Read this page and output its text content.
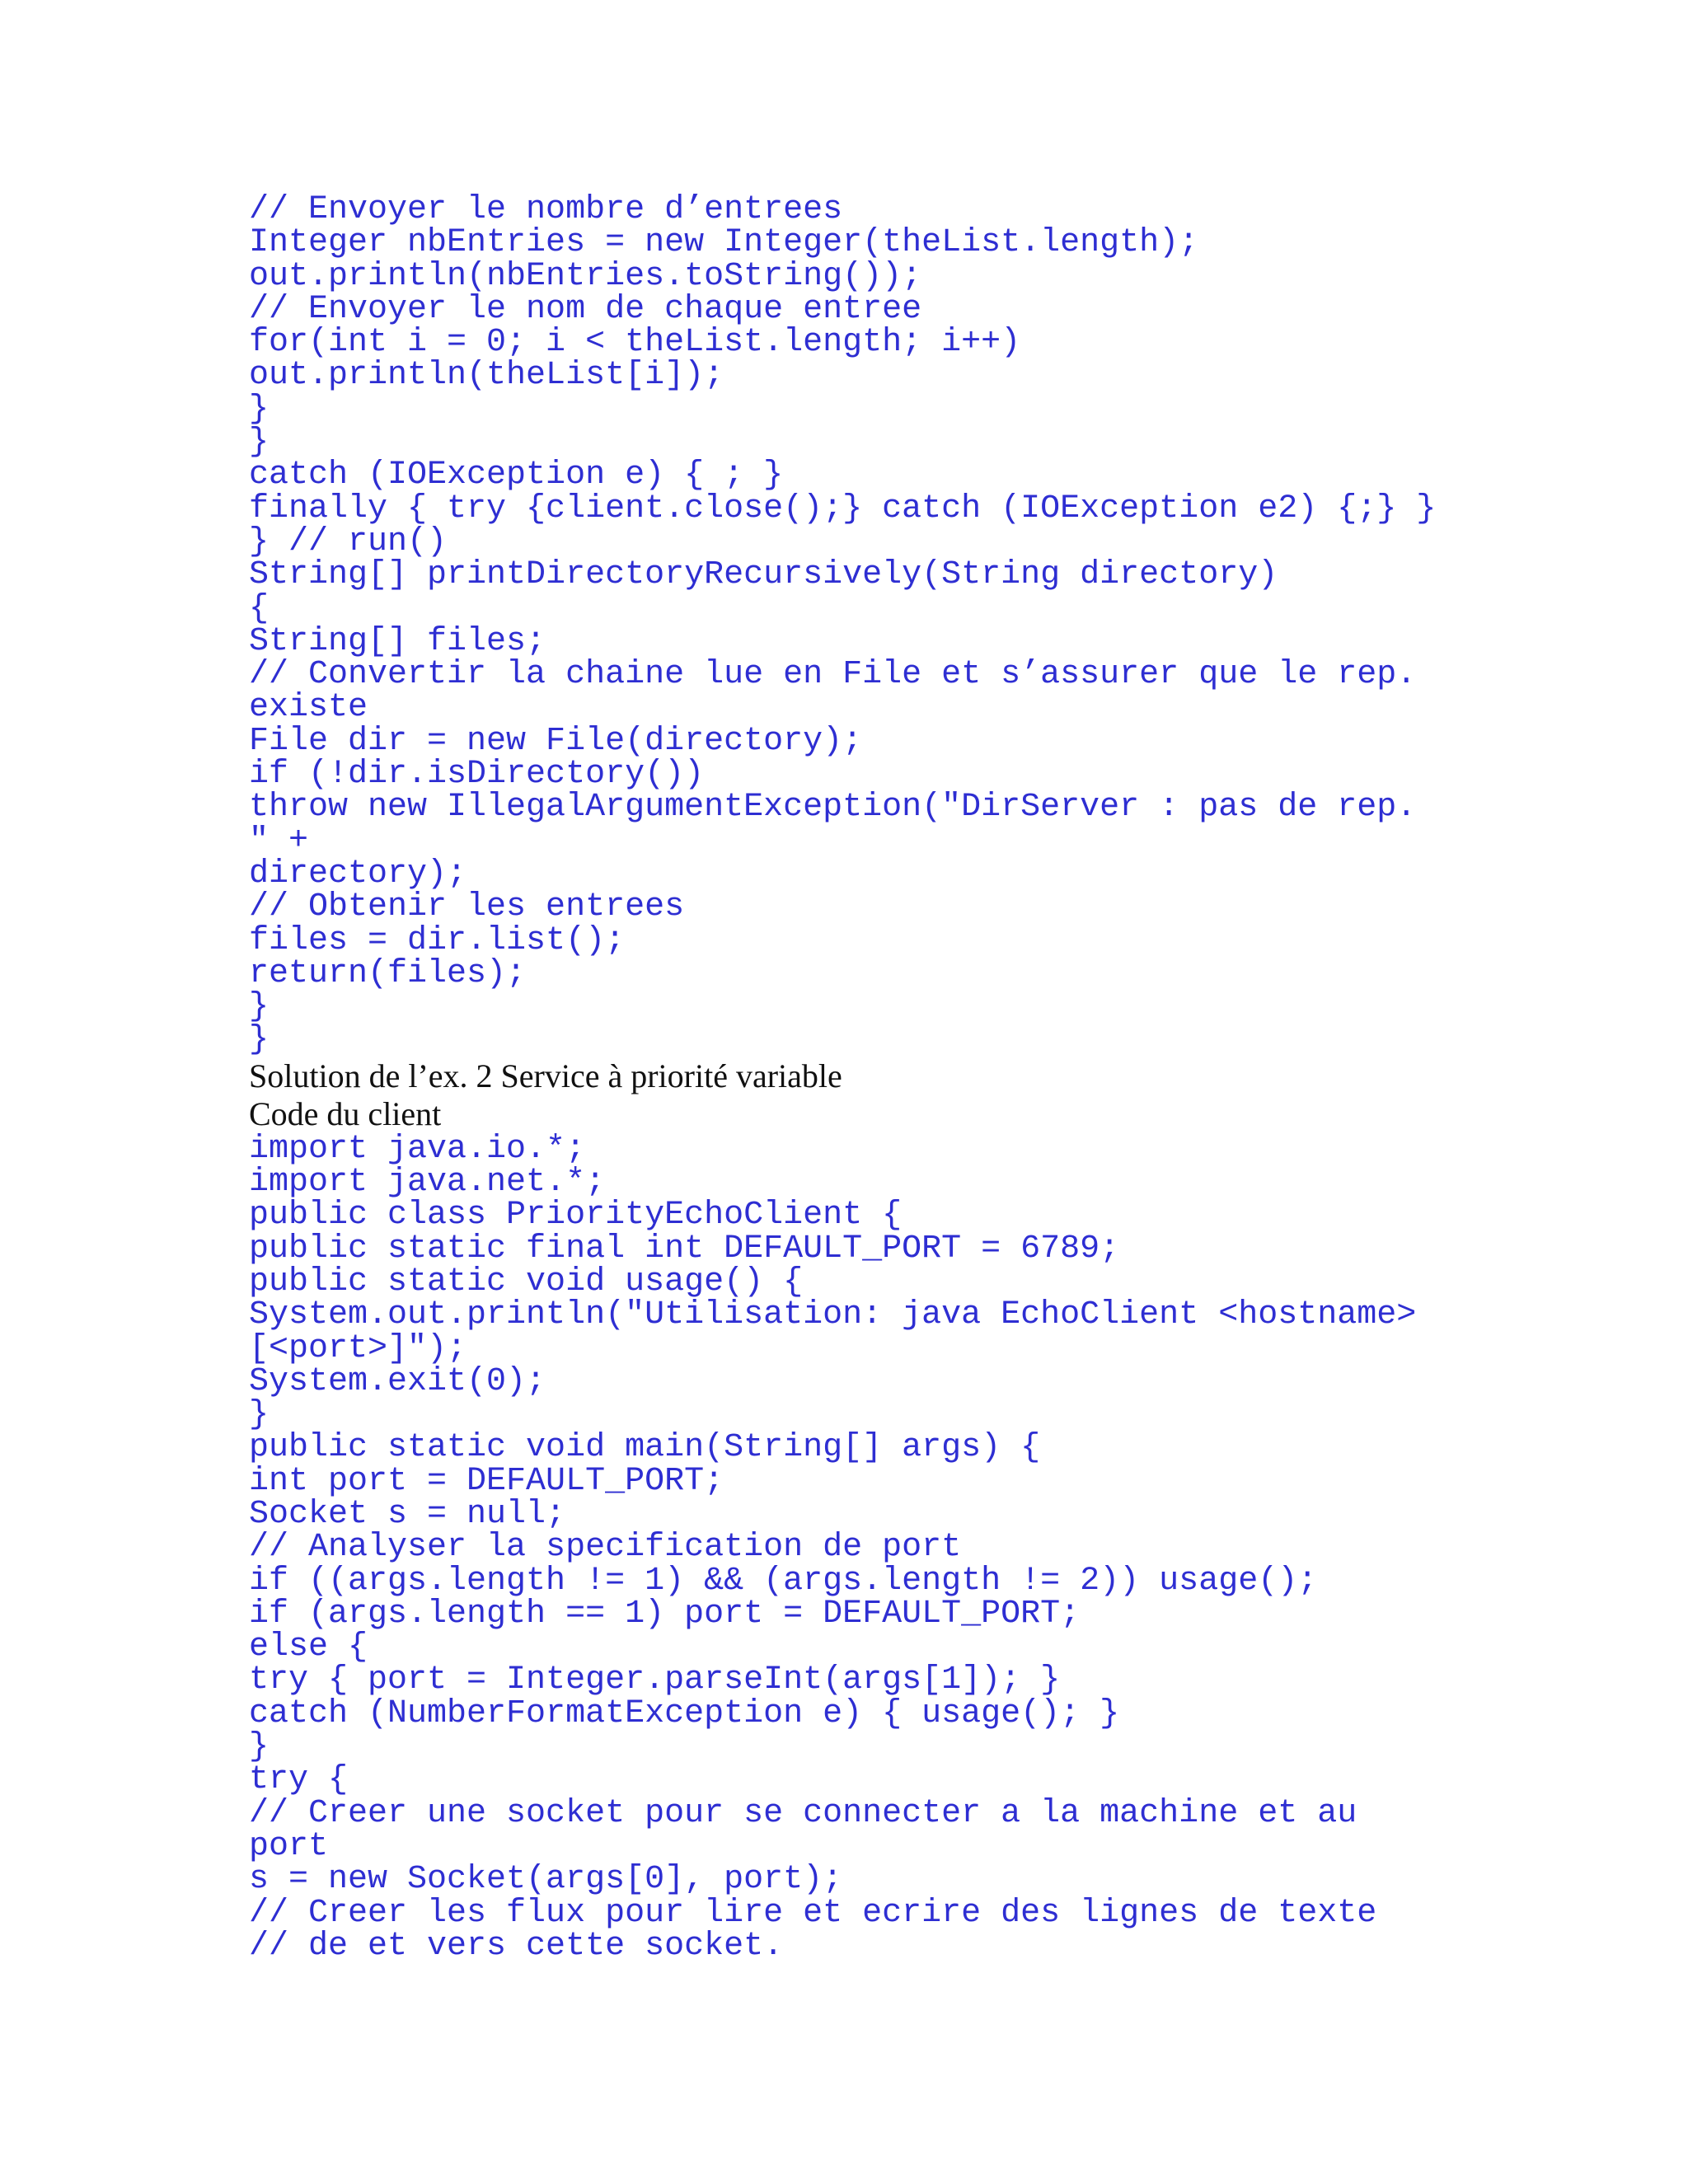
// Envoyer le nombre d’entrees
Integer nbEntries = new Integer(theList.length);
out.println(nbEntries.toString());
// Envoyer le nom de chaque entree
for(int i = 0; i < theList.length; i++)
out.println(theList[i]);
}
}
catch (IOException e) { ; }
finally { try {client.close();} catch (IOException e2) {;} }
} // run()
String[] printDirectoryRecursively(String directory)
{
String[] files;
// Convertir la chaine lue en File et s’assurer que le rep.
existe
File dir = new File(directory);
if (!dir.isDirectory())
throw new IllegalArgumentException("DirServer : pas de rep.
" +
directory);
// Obtenir les entrees
files = dir.list();
return(files);
}
}
Solution de l’ex. 2 Service à priorité variable
Code du client
import java.io.*;
import java.net.*;
public class PriorityEchoClient {
public static final int DEFAULT_PORT = 6789;
public static void usage() {
System.out.println("Utilisation: java EchoClient <hostname>
[<port>]");
System.exit(0);
}
public static void main(String[] args) {
int port = DEFAULT_PORT;
Socket s = null;
// Analyser la specification de port
if ((args.length != 1) && (args.length != 2)) usage();
if (args.length == 1) port = DEFAULT_PORT;
else {
try { port = Integer.parseInt(args[1]); }
catch (NumberFormatException e) { usage(); }
}
try {
// Creer une socket pour se connecter a la machine et au
port
s = new Socket(args[0], port);
// Creer les flux pour lire et ecrire des lignes de texte
// de et vers cette socket.
